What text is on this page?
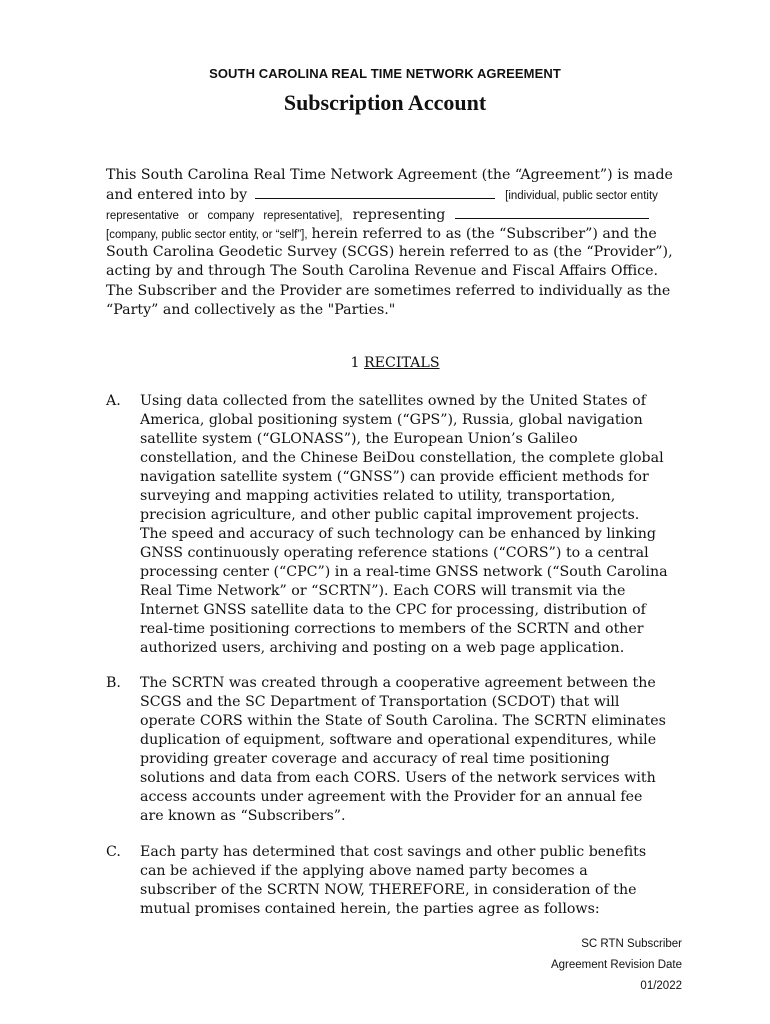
SOUTH CAROLINA REAL TIME NETWORK AGREEMENT
Subscription Account
This South Carolina Real Time Network Agreement (the “Agreement”) is made
and entered into by	[individual, public sector entity
representative or company representative], representing
[company, public sector entity, or “self”], herein referred to as (the “Subscriber”) and the
South Carolina Geodetic Survey (SCGS) herein referred to as (the “Provider”),
acting by and through The South Carolina Revenue and Fiscal Affairs Office.
The Subscriber and the Provider are sometimes referred to individually as the
“Party” and collectively as the "Parties."
1 RECITALS
A. Using data collected from the satellites owned by the United States of
America, global positioning system (“GPS”), Russia, global navigation
satellite system (“GLONASS”), the European Union’s Galileo
constellation, and the Chinese BeiDou constellation, the complete global
navigation satellite system (“GNSS”) can provide efficient methods for
surveying and mapping activities related to utility, transportation,
precision agriculture, and other public capital improvement projects.
The speed and accuracy of such technology can be enhanced by linking
GNSS continuously operating reference stations (“CORS”) to a central
processing center (“CPC”) in a real-time GNSS network (“South Carolina
Real Time Network” or “SCRTN”). Each CORS will transmit via the
Internet GNSS satellite data to the CPC for processing, distribution of
real-time positioning corrections to members of the SCRTN and other
authorized users, archiving and posting on a web page application.
B. The SCRTN was created through a cooperative agreement between the
SCGS and the SC Department of Transportation (SCDOT) that will
operate CORS within the State of South Carolina. The SCRTN eliminates
duplication of equipment, software and operational expenditures, while
providing greater coverage and accuracy of real time positioning
solutions and data from each CORS. Users of the network services with
access accounts under agreement with the Provider for an annual fee
are known as “Subscribers”.
C. Each party has determined that cost savings and other public benefits
can be achieved if the applying above named party becomes a
subscriber of the SCRTN NOW, THEREFORE, in consideration of the
mutual promises contained herein, the parties agree as follows:
SC RTN Subscriber
Agreement Revision Date
01/2022
